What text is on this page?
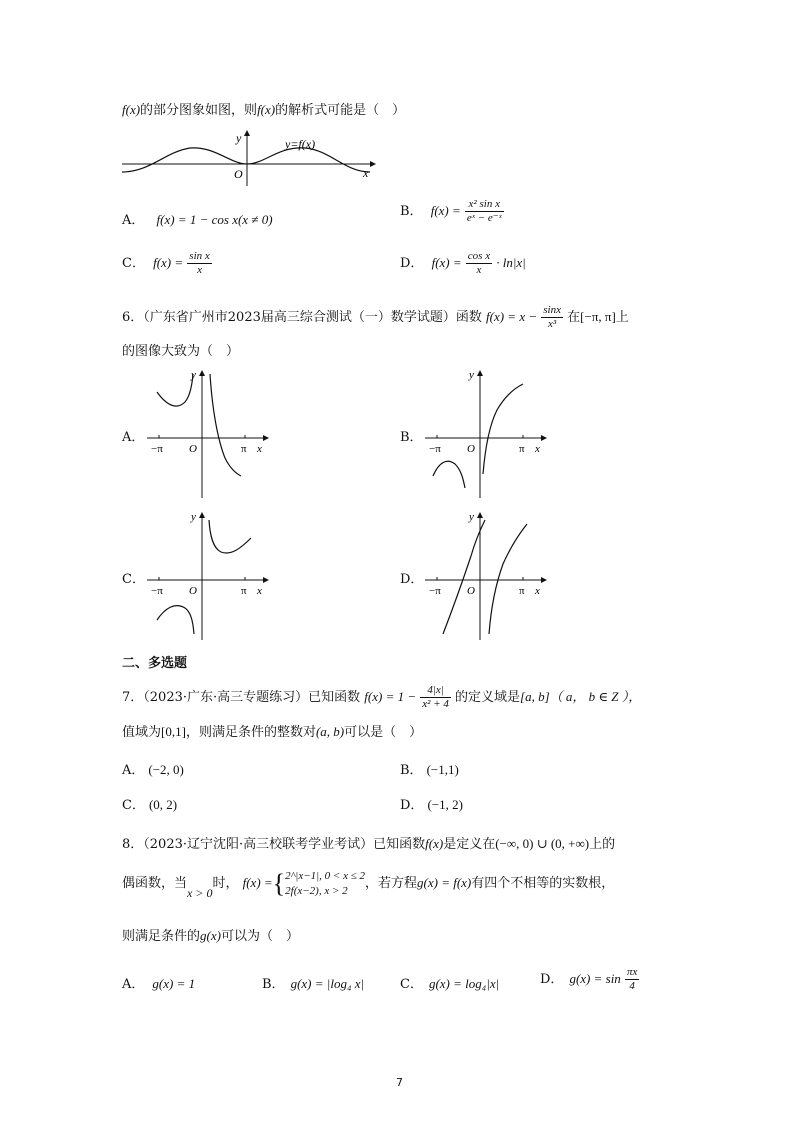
f(x)的部分图象如图，则f(x)的解析式可能是（　）
y
x
O
y=f(x)
A． f(x) = 1 − cos x(x ≠ 0)
B． $f(x) = \frac{\text{x² sin x}}{\text{eˣ − e⁻ˣ}}$
C． $f(x) = \frac{\text{sin x}}{x}$	D． $f(x) = \frac{\text{cos x}}{x} \cdot \ln|x|$
6．（广东省广州市2023届高三综合测试（一）数学试题）函数 $f(x) = x - \frac{\sin x}{\text{x³}}$ 在[−π, π]上
的图像大致为（　）
A．
y
x
O
−π	π
B．
y
x
O
−π	π
C．
y
x
O
−π	π
D．
y
x
O
−π	π
二、多选题
7．（2023·广东·高三专题练习）已知函数 $f(x) = 1 - \frac{4|x|}{\text{x² + 4}}$ 的定义域是[a, b]（ a， b ∈ Z ），
值域为[0,1]，则满足条件的整数对(a, b)可以是（　）
A． (−2, 0)	B． (−1,1)
C． (0, 2)	D． (−1, 2)
8．（2023·辽宁沈阳·高三校联考学业考试）已知函数f(x)是定义在(−∞, 0) ∪ (0, +∞)上的
偶函数，当x > 0时， f(x) ={2^|x−1|, 0 < x ≤ 2
2f(x−2), x > 2 ，若方程g(x) = f(x)有四个不相等的实数根，
则满足条件的g(x)可以为（　）
A． g(x) = 1	B． g(x) = |log₄ x|	C． g(x) = log₄|x|	D． $g(x) = \sin \frac{\pi x}{4}$
7
